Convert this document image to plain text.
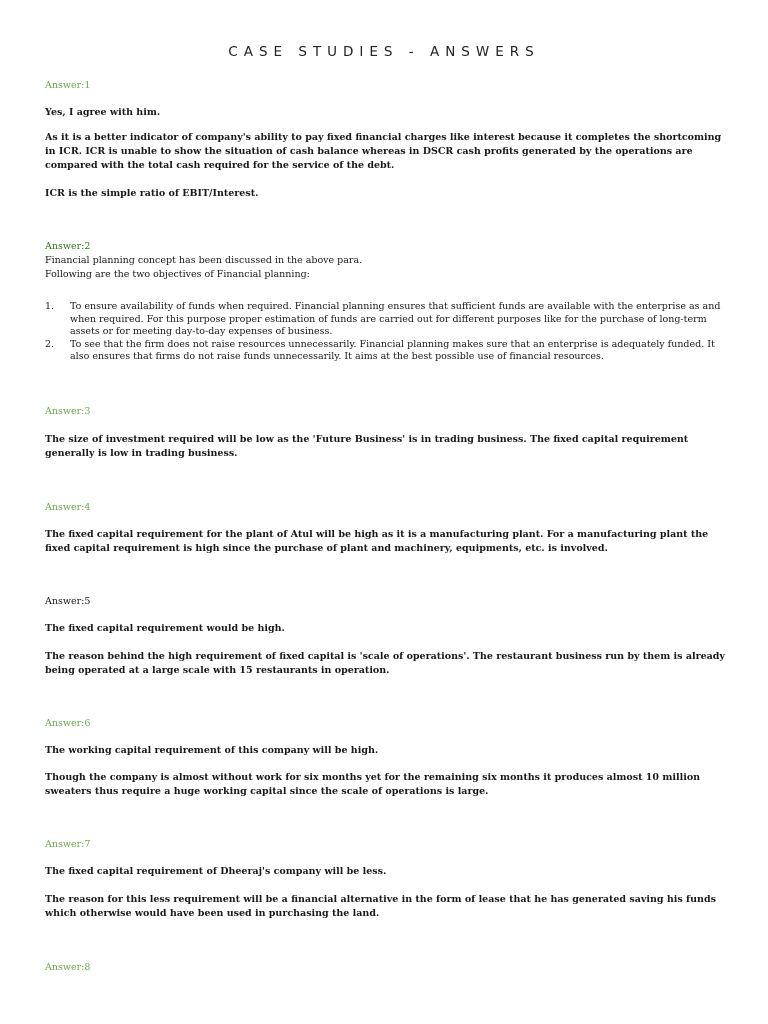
CASE STUDIES - ANSWERS
Answer:1

Yes, I agree with him.

As it is a better indicator of company's ability to pay fixed financial charges like interest because it completes the shortcoming in ICR. ICR is unable to show the situation of cash balance whereas in DSCR cash profits generated by the operations are compared with the total cash required for the service of the debt.

ICR is the simple ratio of EBIT/Interest.

Answer:2

Financial planning concept has been discussed in the above para.

Following are the two objectives of Financial planning:

1.	To ensure availability of funds when required. Financial planning ensures that sufficient funds are available with the enterprise as and when required. For this purpose proper estimation of funds are carried out for different purposes like for the purchase of long-term assets or for meeting day-to-day expenses of business.
2.	To see that the firm does not raise resources unnecessarily. Financial planning makes sure that an enterprise is adequately funded. It also ensures that firms do not raise funds unnecessarily. It aims at the best possible use of financial resources.
Answer:3

The size of investment required will be low as the 'Future Business' is in trading business. The fixed capital requirement generally is low in trading business.

Answer:4

The fixed capital requirement for the plant of Atul will be high as it is a manufacturing plant. For a manufacturing plant the fixed capital requirement is high since the purchase of plant and machinery, equipments, etc. is involved.

Answer:5

The fixed capital requirement would be high.

The reason behind the high requirement of fixed capital is 'scale of operations'. The restaurant business run by them is already being operated at a large scale with 15 restaurants in operation.

Answer:6

The working capital requirement of this company will be high.

Though the company is almost without work for six months yet for the remaining six months it produces almost 10 million sweaters thus require a huge working capital since the scale of operations is large.

Answer:7

The fixed capital requirement of Dheeraj's company will be less.

The reason for this less requirement will be a financial alternative in the form of lease that he has generated saving his funds which otherwise would have been used in purchasing the land.

Answer:8
